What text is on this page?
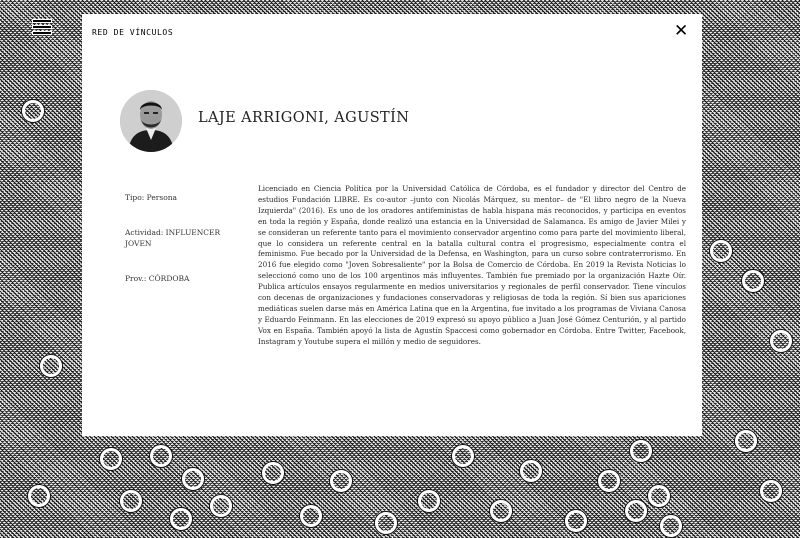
RED DE VÍNCULOS	✕
LAJE ARRIGONI, AGUSTÍN
Tipo: Persona
Actividad: INFLUENCER JOVEN
Prov.: CÓRDOBA

Licenciado en Ciencia Política por la Universidad Católica de Córdoba, es el fundador y director del Centro de estudios Fundación LIBRE. Es co-autor –junto con Nicolás Márquez, su mentor– de "El libro negro de la Nueva Izquierda" (2016). Es uno de los oradores antifeministas de habla hispana más reconocidos, y participa en eventos en toda la región y España, donde realizó una estancia en la Universidad de Salamanca. Es amigo de Javier Milei y se consideran un referente tanto para el movimiento conservador argentino como para parte del movimiento liberal, que lo considera un referente central en la batalla cultural contra el progresismo, especialmente contra el feminismo. Fue becado por la Universidad de la Defensa, en Washington, para un curso sobre contraterrorismo. En 2016 fue elegido como "Joven Sobresaliente" por la Bolsa de Comercio de Córdoba. En 2019 la Revista Noticias lo seleccionó como uno de los 100 argentinos más influyentes. También fue premiado por la organización Hazte Oír. Publica artículos ensayos regularmente en medios universitarios y regionales de perfil conservador. Tiene vínculos con decenas de organizaciones y fundaciones conservadoras y religiosas de toda la región. Sí bien sus apariciones mediáticas suelen darse más en América Latina que en la Argentina, fue invitado a los programas de Viviana Canosa y Eduardo Feinmann. En las elecciones de 2019 expresó su apoyo público a Juan José Gómez Centurión, y al partido Vox en España. También apoyó la lista de Agustín Spaccesi como gobernador en Córdoba. Entre Twitter, Facebook, Instagram y Youtube supera el millón y medio de seguidores.
